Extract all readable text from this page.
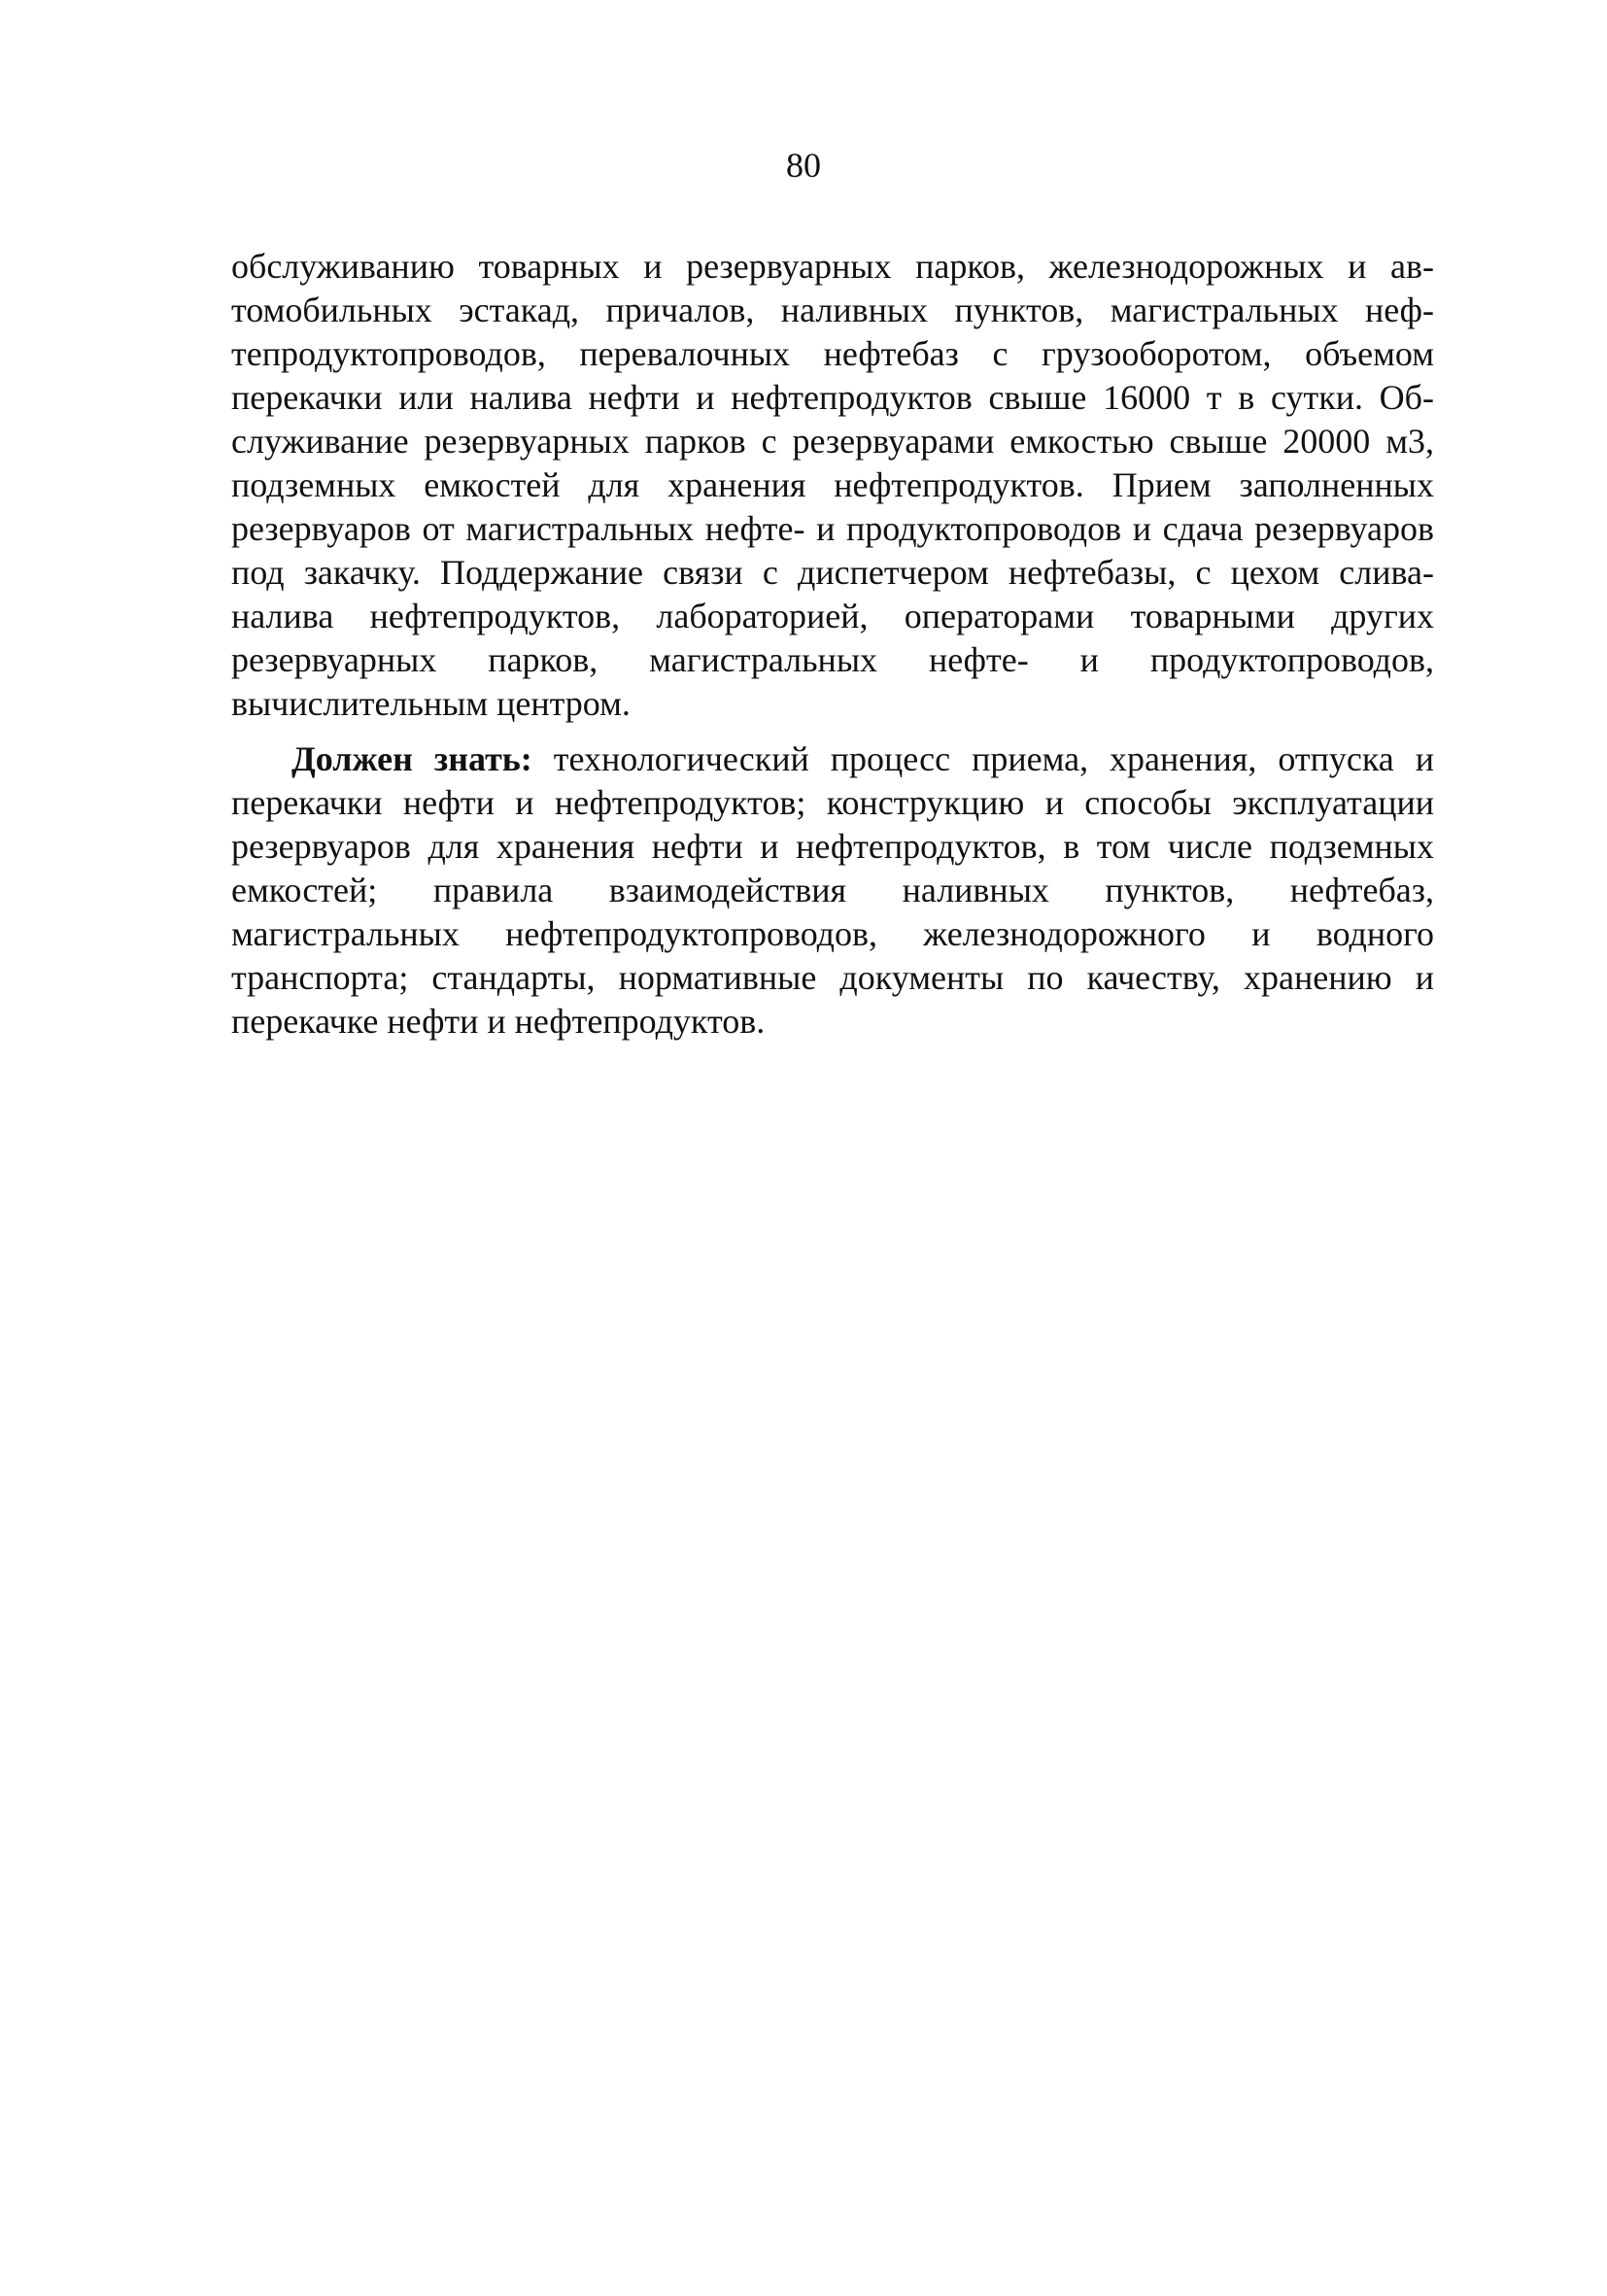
80

обслуживанию товарных и резервуарных парков, железнодорожных и автомобильных эстакад, причалов, наливных пунктов, магистральных нефтепродуктопроводов, перевалочных нефтебаз с грузооборотом, объемом перекачки или налива нефти и нефтепродуктов свыше 16000 т в сутки. Обслуживание резервуарных парков с резервуарами емкостью свыше 20000 м3, подземных емкостей для хранения нефтепродуктов. Прием заполненных резервуаров от магистральных нефте- и продуктопроводов и сдача резервуаров под закачку. Поддержание связи с диспетчером нефтебазы, с цехом слива-налива нефтепродуктов, лабораторией, операторами товарными других резервуарных парков, магистральных нефте- и продуктопроводов, вычислительным центром.

Должен знать: технологический процесс приема, хранения, отпуска и перекачки нефти и нефтепродуктов; конструкцию и способы эксплуатации резервуаров для хранения нефти и нефтепродуктов, в том числе подземных емкостей; правила взаимодействия наливных пунктов, нефтебаз, магистральных нефтепродуктопроводов, железнодорожного и водного транспорта; стандарты, нормативные документы по качеству, хранению и перекачке нефти и нефтепродуктов.
